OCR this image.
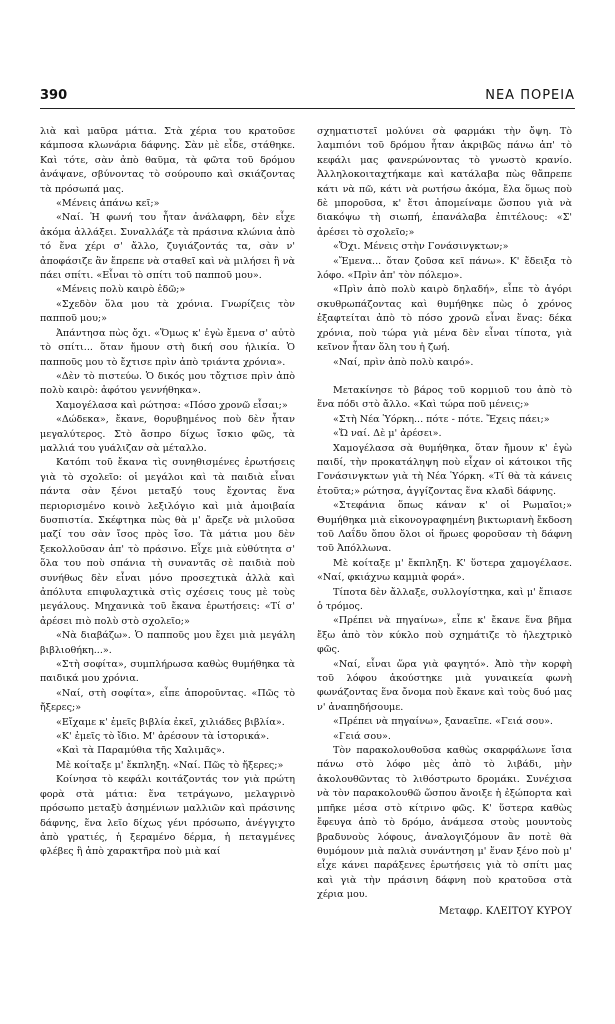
390	ΝΕΑ ΠΟΡΕΙΑ

λιὰ καὶ μαῦρα μάτια. Στὰ χέρια του κρατοῦσε κάμποσα κλωνάρια δάφνης. Σὰν μὲ εἶδε, στάθηκε. Καὶ τότε, σὰν ἀπὸ θαῦμα, τὰ φῶτα τοῦ δρόμου ἀνάψανε, σβύνοντας τὸ σούρουπο καὶ σκιάζοντας τὰ πρόσωπά μας.

«Μένεις ἀπάνω κεῖ;»

«Ναί. Ἡ φωνή του ἦταν ἀνάλαφρη, δὲν εἶχε ἀκόμα ἀλλάξει. Συναλλάζε τὰ πράσινα κλώνια ἀπὸ τό ἕνα χέρι σ' ἄλλο, ζυγιάζοντάς τα, σὰν ν' ἀποφάσιζε ἂν ἔπρεπε νὰ σταθεῖ καὶ νὰ μιλήσει ἢ νὰ πάει σπίτι. «Εἶναι τὸ σπίτι τοῦ παπποῦ μου».

«Μένεις πολὺ καιρὸ ἐδῶ;»

«Σχεδὸν ὅλα μου τὰ χρόνια. Γνωρίζεις τὸν παπποῦ μου;»

Ἀπάντησα πὼς ὄχι. «Ὅμως κ' ἐγὼ ἔμενα σ' αὐτὸ τὸ σπίτι... ὅταν ἤμουν στὴ δική σου ἡλικία. Ὁ παπποῦς μου τὸ ἔχτισε πρὶν ἀπὸ τριάντα χρόνια».

«Δὲν τὸ πιστεύω. Ὁ δικός μου τὄχτισε πρὶν ἀπὸ πολὺ καιρὸ: ἀφότου γεννήθηκα».

Χαμογέλασα καὶ ρώτησα: «Πόσο χρονῶ εἶσαι;»

«Δώδεκα», ἔκανε, θορυβημένος ποὺ δὲν ἦταν μεγαλύτερος. Στὸ ἄσπρο δίχως ἴσκιο φῶς, τὰ μαλλιά του γυάλιζαν σὰ μέταλλο.

Κατόπι τοῦ ἔκανα τὶς συνηθισμένες ἐρωτήσεις γιὰ τὸ σχολεῖο: οἱ μεγάλοι καὶ τὰ παιδιὰ εἶναι πάντα σὰν ξένοι μεταξύ τους ἔχοντας ἕνα περιορισμένο κοινὸ λεξιλόγιο καὶ μιὰ ἀμοιβαία δυσπιστία. Σκέφτηκα πὼς θὰ μ' ἄρεζε νὰ μιλοῦσα μαζί του σὰν ἴσος πρὸς ἴσο. Τὰ μάτια μου δὲν ξεκολλοῦσαν ἀπ' τὸ πράσινο. Εἶχε μιὰ εὐθύτητα σ' ὅλα του ποὺ σπάνια τὴ συναντᾶς σὲ παιδιὰ ποὺ συνήθως δὲν εἶναι μόνο προσεχτικὰ ἀλλὰ καὶ ἀπόλυτα επιφυλαχτικὰ στὶς σχέσεις τους μὲ τοὺς μεγάλους. Μηχανικὰ τοῦ ἔκανα ἐρωτήσεις: «Τί σ' ἀρέσει πιὸ πολὺ στὸ σχολεῖο;»

«Νὰ διαβάζω». Ὁ παπποῦς μου ἔχει μιὰ μεγάλη βιβλιοθήκη...».

«Στὴ σοφίτα», συμπλήρωσα καθὼς θυμήθηκα τὰ παιδικά μου χρόνια.

«Ναί, στὴ σοφίτα», εἶπε ἀποροῦντας. «Πῶς τὸ ἤξερες;»

«Εἴχαμε κ' ἐμεῖς βιβλία ἐκεῖ, χιλιάδες βιβλία».

«Κ' ἐμεῖς τὸ ἴδιο. Μ' ἀρέσουν τὰ ἱστορικά».

«Καὶ τὰ Παραμύθια τῆς Χαλιμᾶς».

Μὲ κοίταξε μ' ἔκπληξη. «Ναί. Πῶς τὸ ἤξερες;»

Κοίνησα τὸ κεφάλι κοιτάζοντάς τον γιὰ πρώτη φορὰ στὰ μάτια: ἕνα τετράγωνο, μελαγρινὸ πρόσωπο μεταξὺ ἀσημένιων μαλλιῶν καὶ πράσινης δάφνης, ἕνα λεῖο δίχως γένι πρόσωπο, ἀνέγγιχτο ἀπὸ γρατιές, ἡ ξεραμένο δέρμα, ἡ πεταγμένες φλέβες ἢ ἀπὸ χαρακτῆρα ποὺ μιὰ καί

σχηματιστεῖ μολύνει σὰ φαρμάκι τὴν ὄψη. Τὸ λαμπιόνι τοῦ δρόμου ἦταν ἀκριβῶς πάνω ἀπ' τὸ κεφάλι μας φανερώνοντας τὸ γνωστὸ κρανίο. Ἀλληλοκοιταχτήκαμε καὶ κατάλαβα πὼς θἄπρεπε κάτι νὰ πῶ, κάτι νὰ ρωτήσω ἀκόμα, ἔλα ὅμως ποὺ δὲ μποροῦσα, κ' ἔτσι ἀπομείναμε ὥσπου γιὰ νὰ διακόψω τὴ σιωπή, ἐπανάλαβα ἐπιτέλους: «Σ' ἀρέσει τὸ σχολεῖο;»

«Ὄχι. Μένεις στὴν Γονάσινγκτων;»

«Ἔμενα... ὅταν ζοῦσα κεῖ πάνω». Κ' ἔδειξα τὸ λόφο. «Πρὶν ἀπ' τὸν πόλεμο».

«Πρὶν ἀπὸ πολὺ καιρὸ δηλαδή», εἶπε τὸ ἀγόρι σκυθρωπάζοντας καὶ θυμήθηκε πὼς ὁ χρόνος ἐξαφτείται ἀπὸ τὸ πόσο χρονῶ εἶναι ἕνας: δέκα χρόνια, ποὺ τώρα γιὰ μένα δὲν εἶναι τίποτα, γιὰ κεῖνον ἦταν ὅλη του ἡ ζωή.

«Ναί, πρὶν ἀπὸ πολὺ καιρό».

Μετακίνησε τὸ βάρος τοῦ κορμιοῦ του ἀπὸ τὸ ἕνα πόδι στὸ ἄλλο. «Καὶ τώρα ποῦ μένεις;»

«Στὴ Νέα Ὑόρκη... πότε - πότε. Ἔχεις πάει;»

«Ὤ ναί. Δὲ μ' ἀρέσει».

Χαμογέλασα σὰ θυμήθηκα, ὅταν ἤμουν κ' ἐγὼ παιδί, τὴν προκατάληψη ποὺ εἶχαν οἱ κάτοικοι τῆς Γονάσινγκτων γιὰ τὴ Νέα Ὑόρκη. «Τί θὰ τὰ κάνεις ἐτοῦτα;» ρώτησα, ἀγγίζοντας ἕνα κλαδὶ δάφνης.

«Στεφάνια ὅπως κάναν κ' οἱ Ρωμαῖοι;» Θυμήθηκα μιὰ εἰκονογραφημένη βικτωριανὴ ἔκδοση τοῦ Λαΐδυ ὅπου ὅλοι οἱ ἥρωες φοροῦσαν τὴ δάφνη τοῦ Ἀπόλλωνα.

Μὲ κοίταξε μ' ἔκπληξη. Κ' ὕστερα χαμογέλασε. «Ναί, φκιάχνω καμμιὰ φορά».

Τίποτα δὲν ἄλλαξε, συλλογίστηκα, καὶ μ' ἔπιασε ὁ τρόμος.

«Πρέπει νὰ πηγαίνω», εἶπε κ' ἔκανε ἕνα βῆμα ἔξω ἀπὸ τὸν κύκλο ποὺ σχημάτιζε τὸ ἠλεχτρικὸ φῶς.

«Ναί, εἶναι ὥρα γιὰ φαγητό». Ἀπὸ τὴν κορφὴ τοῦ λόφου ἀκούστηκε μιὰ γυναικεία φωνὴ φωνάζοντας ἕνα ὄνομα ποὺ ἔκανε καὶ τοὺς δυό μας ν' ἀναπηδήσουμε.

«Πρέπει νὰ πηγαίνω», ξαναεῖπε. «Γειά σου».

«Γειά σου».

Τὸν παρακολουθοῦσα καθὼς σκαρφάλωνε ἴσια πάνω στὸ λόφο μὲς ἀπὸ τὸ λιβάδι, μὴν ἀκολουθῶντας τὸ λιθόστρωτο δρομάκι. Συνέχισα νὰ τὸν παρακολουθῶ ὥσπου ἄνοιξε ἡ ἐξώπορτα καὶ μπῆκε μέσα στὸ κίτρινο φῶς. Κ' ὕστερα καθὼς ἔφευγα ἀπὸ τὸ δρόμο, ἀνάμεσα στοὺς μουντοὺς βραδυνοὺς λόφους, ἀναλογιζόμουν ἂν ποτὲ θὰ θυμόμουν μιὰ παλιὰ συνάντηση μ' ἕναν ξένο ποὺ μ' εἶχε κάνει παράξενες ἐρωτήσεις γιὰ τὸ σπίτι μας καὶ γιὰ τὴν πράσινη δάφνη ποὺ κρατοῦσα στὰ χέρια μου.

Μεταφρ. ΚΛΕΙΤΟΥ ΚΥΡΟΥ
